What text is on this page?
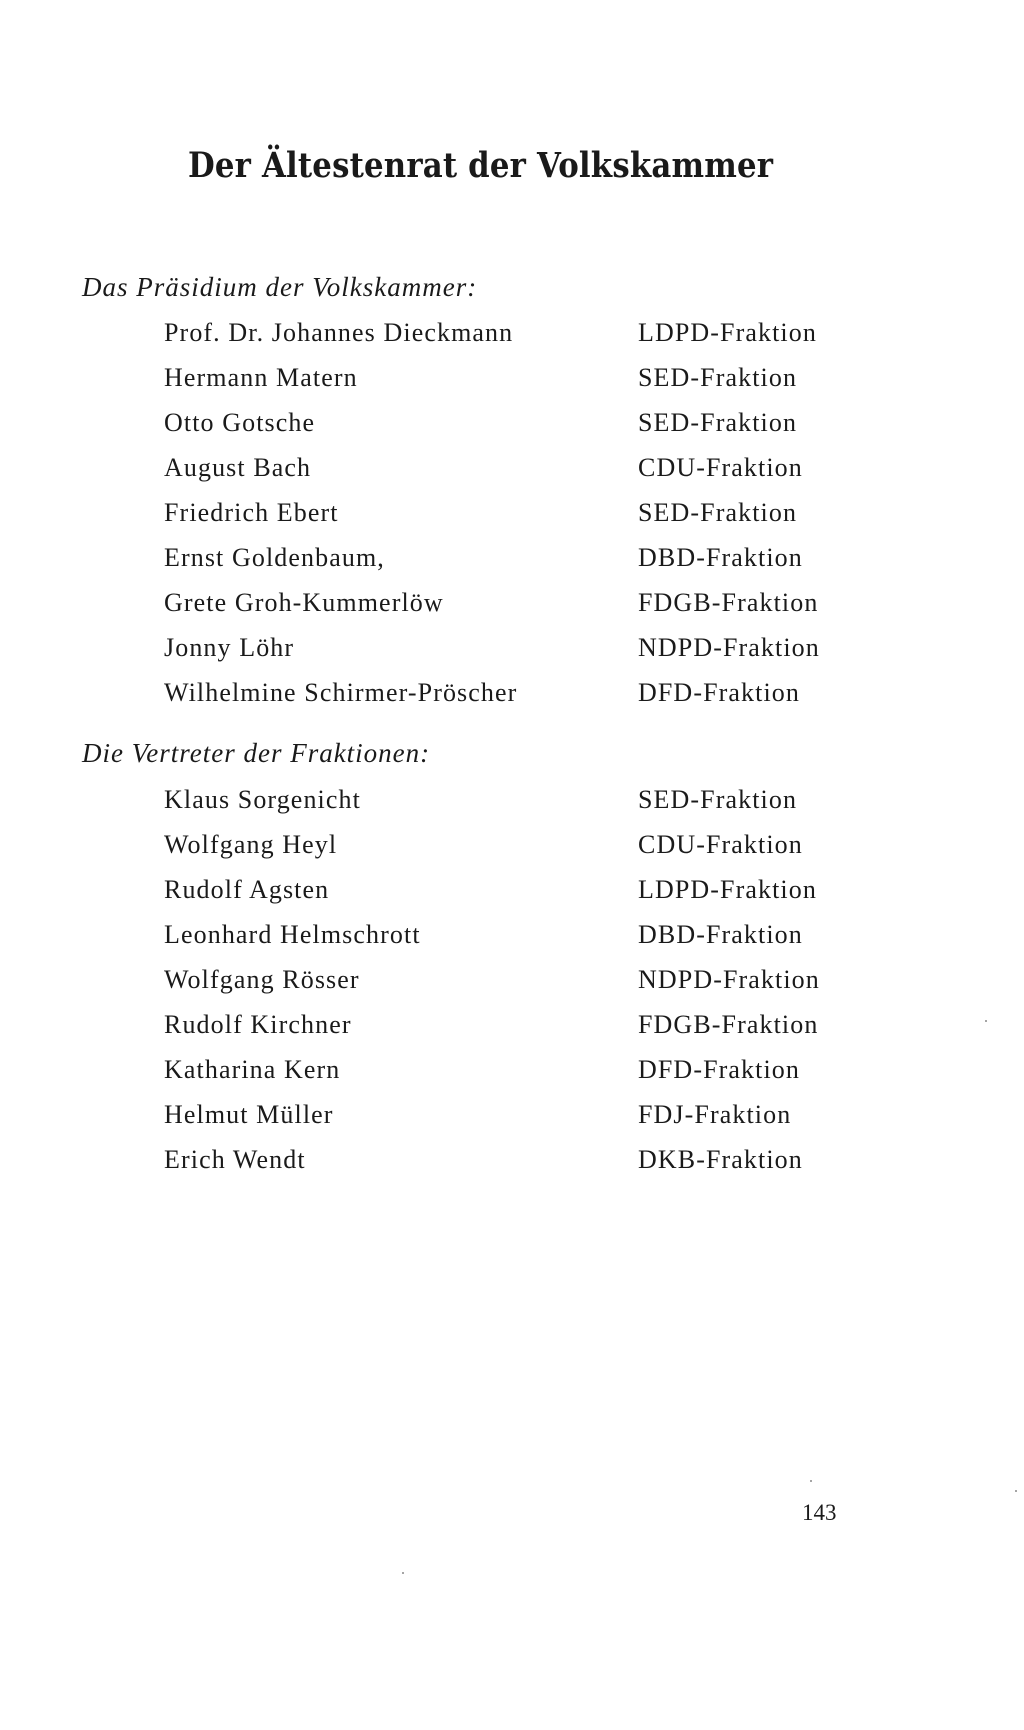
Der Ältestenrat der Volkskammer
Das Präsidium der Volkskammer:
Prof. Dr. Johannes Dieckmann	LDPD-Fraktion
Hermann Matern	SED-Fraktion
Otto Gotsche	SED-Fraktion
August Bach	CDU-Fraktion
Friedrich Ebert	SED-Fraktion
Ernst Goldenbaum,	DBD-Fraktion
Grete Groh-Kummerlöw	FDGB-Fraktion
Jonny Löhr	NDPD-Fraktion
Wilhelmine Schirmer-Pröscher	DFD-Fraktion
Die Vertreter der Fraktionen:
Klaus Sorgenicht	SED-Fraktion
Wolfgang Heyl	CDU-Fraktion
Rudolf Agsten	LDPD-Fraktion
Leonhard Helmschrott	DBD-Fraktion
Wolfgang Rösser	NDPD-Fraktion
Rudolf Kirchner	FDGB-Fraktion
Katharina Kern	DFD-Fraktion
Helmut Müller	FDJ-Fraktion
Erich Wendt	DKB-Fraktion
143
